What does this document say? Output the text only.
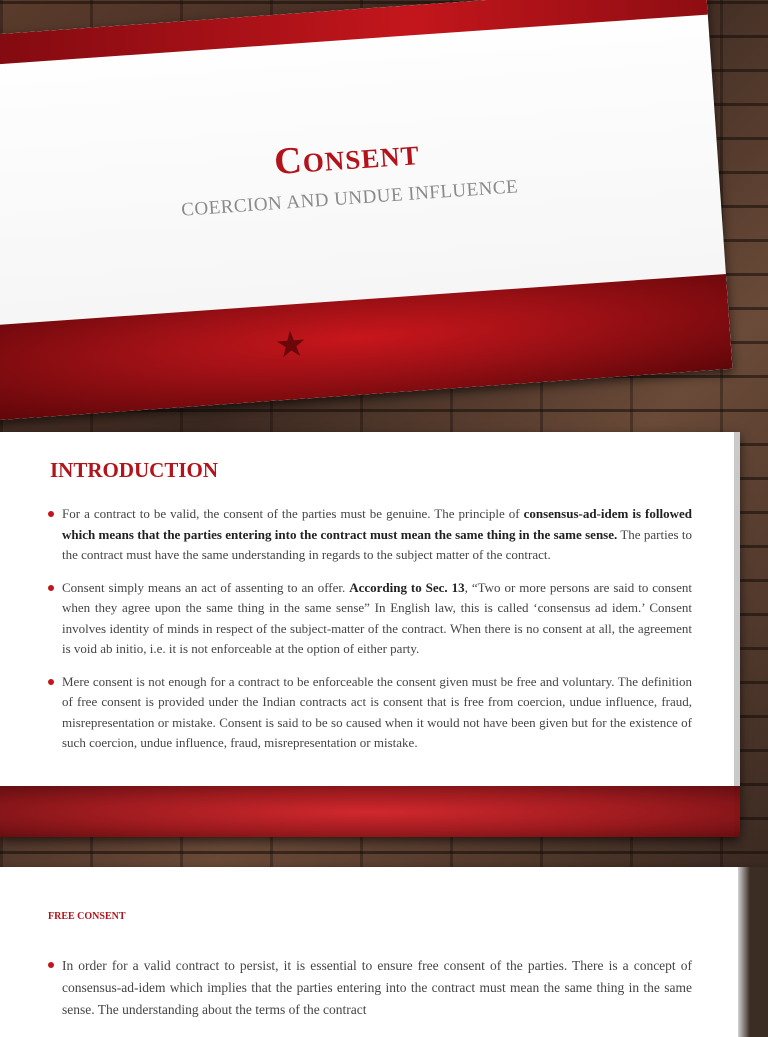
Consent
COERCION AND UNDUE INFLUENCE
★
INTRODUCTION
For a contract to be valid, the consent of the parties must be genuine. The principle of consensus-ad-idem is followed which means that the parties entering into the contract must mean the same thing in the same sense. The parties to the contract must have the same understanding in regards to the subject matter of the contract.
Consent simply means an act of assenting to an offer. According to Sec. 13, “Two or more persons are said to consent when they agree upon the same thing in the same sense” In English law, this is called ‘consensus ad idem.’ Consent involves identity of minds in respect of the subject-matter of the contract. When there is no consent at all, the agreement is void ab initio, i.e. it is not enforceable at the option of either party.
Mere consent is not enough for a contract to be enforceable the consent given must be free and voluntary. The definition of free consent is provided under the Indian contracts act is consent that is free from coercion, undue influence, fraud, misrepresentation or mistake. Consent is said to be so caused when it would not have been given but for the existence of such coercion, undue influence, fraud, misrepresentation or mistake.
FREE CONSENT
In order for a valid contract to persist, it is essential to ensure free consent of the parties. There is a concept of consensus-ad-idem which implies that the parties entering into the contract must mean the same thing in the same sense. The understanding about the terms of the contract
